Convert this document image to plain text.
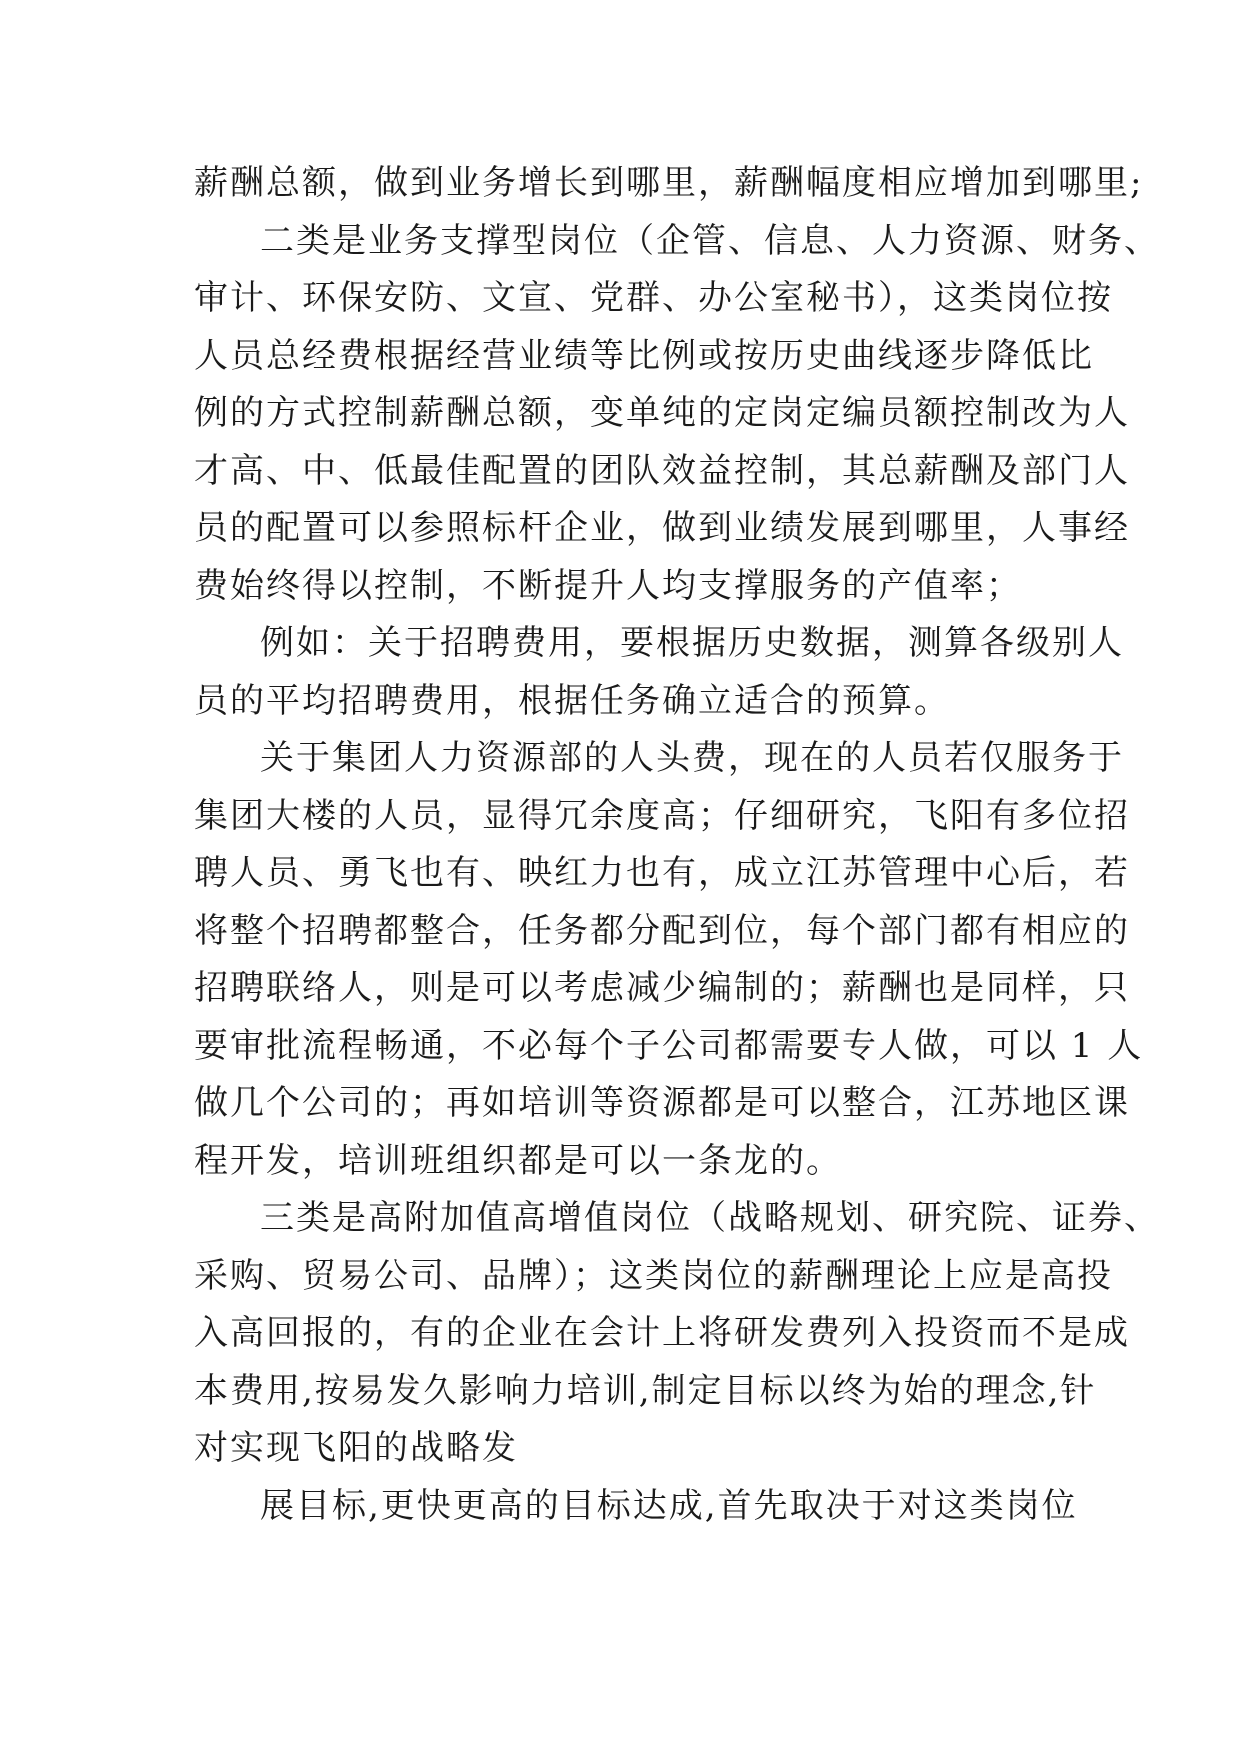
薪酬总额，做到业务增长到哪里，薪酬幅度相应增加到哪里;
二类是业务支撑型岗位（企管、信息、人力资源、财务、
审计、环保安防、文宣、党群、办公室秘书），这类岗位按
人员总经费根据经营业绩等比例或按历史曲线逐步降低比
例的方式控制薪酬总额，变单纯的定岗定编员额控制改为人
才高、中、低最佳配置的团队效益控制，其总薪酬及部门人
员的配置可以参照标杆企业，做到业绩发展到哪里，人事经
费始终得以控制，不断提升人均支撑服务的产值率；
例如：关于招聘费用，要根据历史数据，测算各级别人
员的平均招聘费用，根据任务确立适合的预算。
关于集团人力资源部的人头费，现在的人员若仅服务于
集团大楼的人员，显得冗余度高；仔细研究，飞阳有多位招
聘人员、勇飞也有、映红力也有，成立江苏管理中心后，若
将整个招聘都整合，任务都分配到位，每个部门都有相应的
招聘联络人，则是可以考虑减少编制的；薪酬也是同样，只
要审批流程畅通，不必每个子公司都需要专人做，可以 1 人
做几个公司的；再如培训等资源都是可以整合，江苏地区课
程开发，培训班组织都是可以一条龙的。
三类是高附加值高增值岗位（战略规划、研究院、证券、
采购、贸易公司、品牌）；这类岗位的薪酬理论上应是高投
入高回报的，有的企业在会计上将研发费列入投资而不是成
本费用,按易发久影响力培训,制定目标以终为始的理念,针
对实现飞阳的战略发
展目标,更快更高的目标达成,首先取决于对这类岗位
